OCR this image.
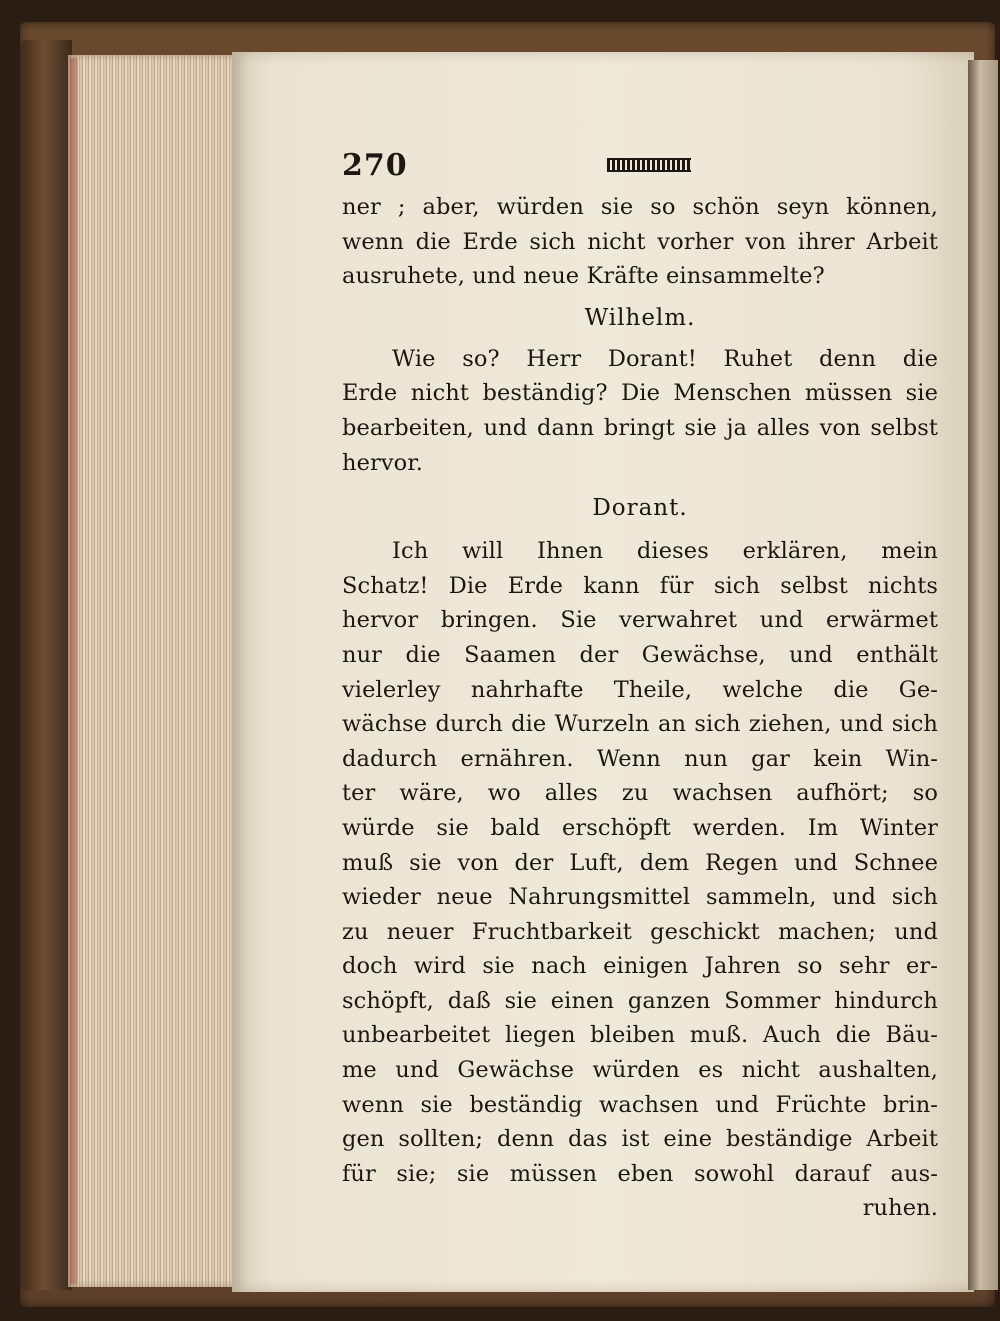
270
ner ; aber, würden sie so schön seyn können,
wenn die Erde sich nicht vorher von ihrer Arbeit
ausruhete, und neue Kräfte einsammelte?
Wilhelm.
Wie so? Herr Dorant! Ruhet denn die
Erde nicht beständig? Die Menschen müssen sie
bearbeiten, und dann bringt sie ja alles von selbst
hervor.
Dorant.
Ich will Ihnen dieses erklären, mein
Schatz! Die Erde kann für sich selbst nichts
hervor bringen. Sie verwahret und erwärmet
nur die Saamen der Gewächse, und enthält
vielerley nahrhafte Theile, welche die Ge-
wächse durch die Wurzeln an sich ziehen, und sich
dadurch ernähren. Wenn nun gar kein Win-
ter wäre, wo alles zu wachsen aufhört; so
würde sie bald erschöpft werden. Im Winter
muß sie von der Luft, dem Regen und Schnee
wieder neue Nahrungsmittel sammeln, und sich
zu neuer Fruchtbarkeit geschickt machen; und
doch wird sie nach einigen Jahren so sehr er-
schöpft, daß sie einen ganzen Sommer hindurch
unbearbeitet liegen bleiben muß. Auch die Bäu-
me und Gewächse würden es nicht aushalten,
wenn sie beständig wachsen und Früchte brin-
gen sollten; denn das ist eine beständige Arbeit
für sie; sie müssen eben sowohl darauf aus-
ruhen.
